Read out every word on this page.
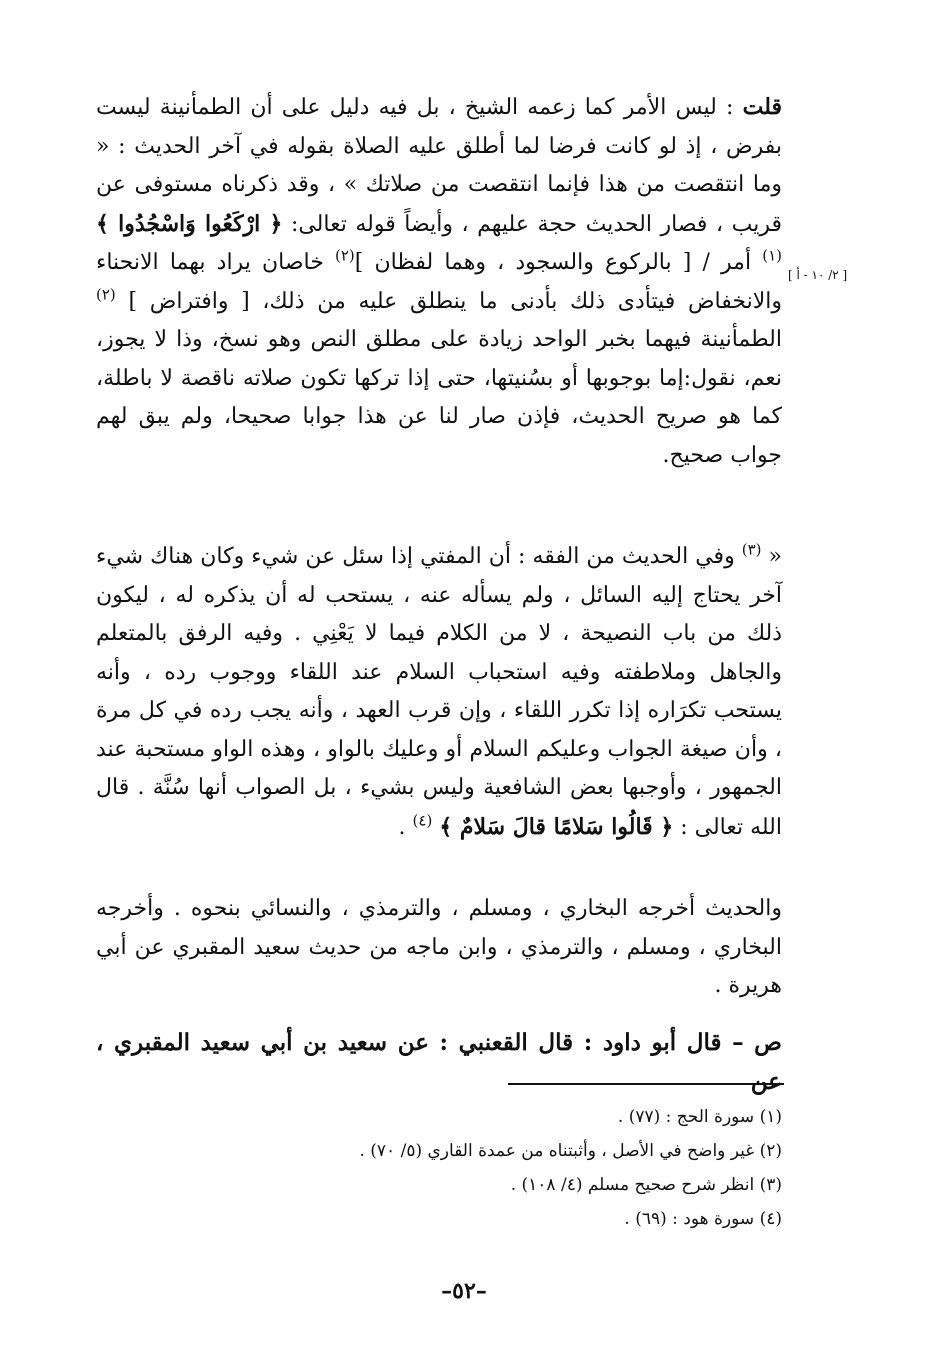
قلت : ليس الأمر كما زعمه الشيخ ، بل فيه دليل على أن الطمأنينة ليست بفرض ، إذ لو كانت فرضا لما أطلق عليه الصلاة بقوله في آخر الحديث : « وما انتقصت من هذا فإنما انتقصت من صلاتك » ، وقد ذكرناه مستوفى عن قريب ، فصار الحديث حجة عليهم ، وأيضاً قوله تعالى: ﴿ ارْكَعُوا وَاسْجُدُوا ﴾ $^{(١)}$ أمر / [ بالركوع والسجود ، وهما لفظان ]$^{(٢)}$ خاصان يراد بهما الانحناء والانخفاض فيتأدى ذلك بأدنى ما ينطلق عليه من ذلك، [ وافتراض ] $^{(٢)}$ الطمأنينة فيهما بخبر الواحد زيادة على مطلق النص وهو نسخ، وذا لا يجوز، نعم، نقول:إما بوجوبها أو بسُنيتها، حتى إذا تركها تكون صلاته ناقصة لا باطلة، كما هو صريح الحديث، فإذن صار لنا عن هذا جوابا صحيحا، ولم يبق لهم جواب صحيح.
[ ٢/ ١٠ - أ ]
« $^{(٣)}$ وفي الحديث من الفقه : أن المفتي إذا سئل عن شيء وكان هناك شيء آخر يحتاج إليه السائل ، ولم يسأله عنه ، يستحب له أن يذكره له ، ليكون ذلك من باب النصيحة ، لا من الكلام فيما لا يَعْنِي . وفيه الرفق بالمتعلم والجاهل وملاطفته وفيه استحباب السلام عند اللقاء ووجوب رده ، وأنه يستحب تكرَاره إذا تكرر اللقاء ، وإن قرب العهد ، وأنه يجب رده في كل مرة ، وأن صيغة الجواب وعليكم السلام أو وعليك بالواو ، وهذه الواو مستحبة عند الجمهور ، وأوجبها بعض الشافعية وليس بشيء ، بل الصواب أنها سُنَّة . قال الله تعالى : ﴿ قَالُوا سَلامًا قالَ سَلامٌ ﴾ $^{(٤)}$ .
والحديث أخرجه البخاري ، ومسلم ، والترمذي ، والنسائي بنحوه . وأخرجه البخاري ، ومسلم ، والترمذي ، وابن ماجه من حديث سعيد المقبري عن أبي هريرة .
ص – قال أبو داود : قال القعنبي : عن سعيد بن أبي سعيد المقبري ، عن
(١) سورة الحج : (٧٧) .
(٢) غير واضح في الأصل ، وأثبتناه من عمدة القاري (٥/ ٧٠) .
(٣) انظر شرح صحيح مسلم (٤/ ١٠٨) .
(٤) سورة هود : (٦٩) .
–٥٢–
